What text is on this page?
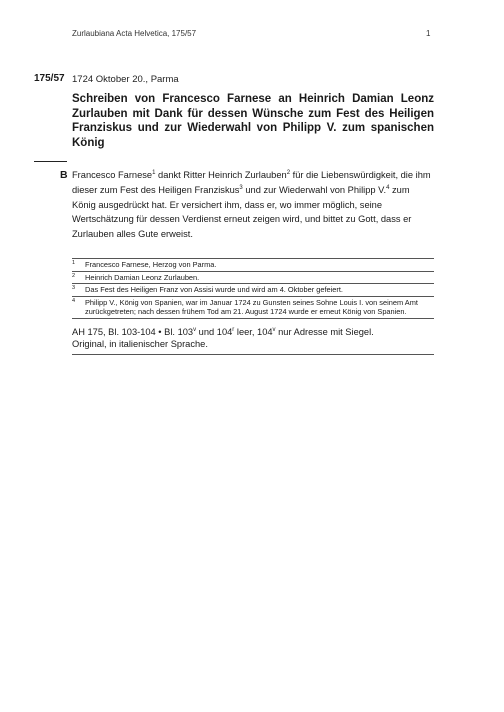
Zurlaubiana Acta Helvetica, 175/57	1
175/57 1724 Oktober 20., Parma
Schreiben von Francesco Farnese an Heinrich Damian Leonz Zurlauben mit Dank für dessen Wünsche zum Fest des Heiligen Franziskus und zur Wiederwahl von Philipp V. zum spanischen König
B Francesco Farnese$^1$ dankt Ritter Heinrich Zurlauben$^2$ für die Liebenswürdigkeit, die ihm dieser zum Fest des Heiligen Franziskus$^3$ und zur Wiederwahl von Philipp V.$^4$ zum König ausgedrückt hat. Er versichert ihm, dass er, wo immer möglich, seine Wertschätzung für dessen Verdienst erneut zeigen wird, und bittet zu Gott, dass er Zurlauben alles Gute erweist.

1	Francesco Farnese, Herzog von Parma.
2	Heinrich Damian Leonz Zurlauben.
3	Das Fest des Heiligen Franz von Assisi wurde und wird am 4. Oktober gefeiert.
4	Philipp V., König von Spanien, war im Januar 1724 zu Gunsten seines Sohne Louis I. von seinem Amt zurückgetreten; nach dessen frühem Tod am 21. August 1724 wurde er erneut König von Spanien.
AH 175, Bl. 103-104 • Bl. 103$^v$ und 104$^r$ leer, 104$^v$ nur Adresse mit Siegel.
Original, in italienischer Sprache.
